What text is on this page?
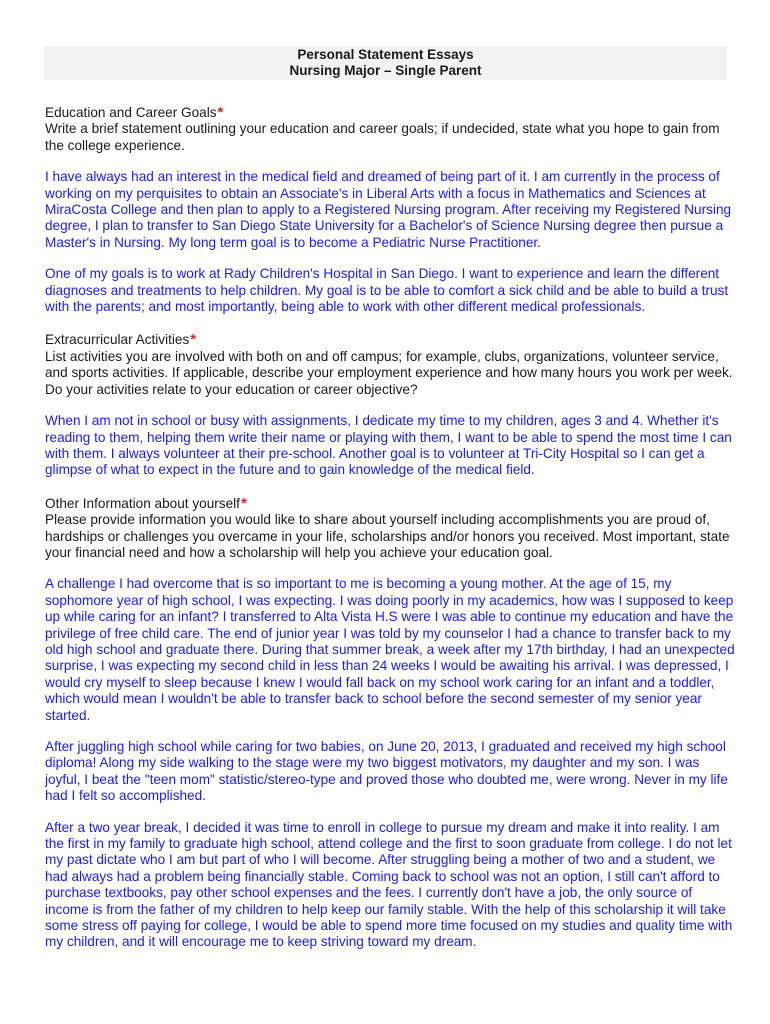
Personal Statement Essays
Nursing Major – Single Parent

Education and Career Goals*

Write a brief statement outlining your education and career goals; if undecided, state what you hope to gain from the college experience.

I have always had an interest in the medical field and dreamed of being part of it. I am currently in the process of working on my perquisites to obtain an Associate's in Liberal Arts with a focus in Mathematics and Sciences at MiraCosta College and then plan to apply to a Registered Nursing program. After receiving my Registered Nursing degree, I plan to transfer to San Diego State University for a Bachelor's of Science Nursing degree then pursue a Master's in Nursing. My long term goal is to become a Pediatric Nurse Practitioner.

One of my goals is to work at Rady Children's Hospital in San Diego. I want to experience and learn the different diagnoses and treatments to help children. My goal is to be able to comfort a sick child and be able to build a trust with the parents; and most importantly, being able to work with other different medical professionals.

Extracurricular Activities*

List activities you are involved with both on and off campus; for example, clubs, organizations, volunteer service, and sports activities. If applicable, describe your employment experience and how many hours you work per week. Do your activities relate to your education or career objective?

When I am not in school or busy with assignments, I dedicate my time to my children, ages 3 and 4. Whether it's reading to them, helping them write their name or playing with them, I want to be able to spend the most time I can with them. I always volunteer at their pre-school. Another goal is to volunteer at Tri-City Hospital so I can get a glimpse of what to expect in the future and to gain knowledge of the medical field.

Other Information about yourself*

Please provide information you would like to share about yourself including accomplishments you are proud of, hardships or challenges you overcame in your life, scholarships and/or honors you received. Most important, state your financial need and how a scholarship will help you achieve your education goal.

A challenge I had overcome that is so important to me is becoming a young mother. At the age of 15, my sophomore year of high school, I was expecting. I was doing poorly in my academics, how was I supposed to keep up while caring for an infant? I transferred to Alta Vista H.S were I was able to continue my education and have the privilege of free child care. The end of junior year I was told by my counselor I had a chance to transfer back to my old high school and graduate there. During that summer break, a week after my 17th birthday, I had an unexpected surprise, I was expecting my second child in less than 24 weeks I would be awaiting his arrival. I was depressed, I would cry myself to sleep because I knew I would fall back on my school work caring for an infant and a toddler, which would mean I wouldn't be able to transfer back to school before the second semester of my senior year started.

After juggling high school while caring for two babies, on June 20, 2013, I graduated and received my high school diploma! Along my side walking to the stage were my two biggest motivators, my daughter and my son. I was joyful, I beat the "teen mom" statistic/stereo-type and proved those who doubted me, were wrong. Never in my life had I felt so accomplished.

After a two year break, I decided it was time to enroll in college to pursue my dream and make it into reality. I am the first in my family to graduate high school, attend college and the first to soon graduate from college. I do not let my past dictate who I am but part of who I will become. After struggling being a mother of two and a student, we had always had a problem being financially stable. Coming back to school was not an option, I still can't afford to purchase textbooks, pay other school expenses and the fees. I currently don't have a job, the only source of income is from the father of my children to help keep our family stable. With the help of this scholarship it will take some stress off paying for college, I would be able to spend more time focused on my studies and quality time with my children, and it will encourage me to keep striving toward my dream.
